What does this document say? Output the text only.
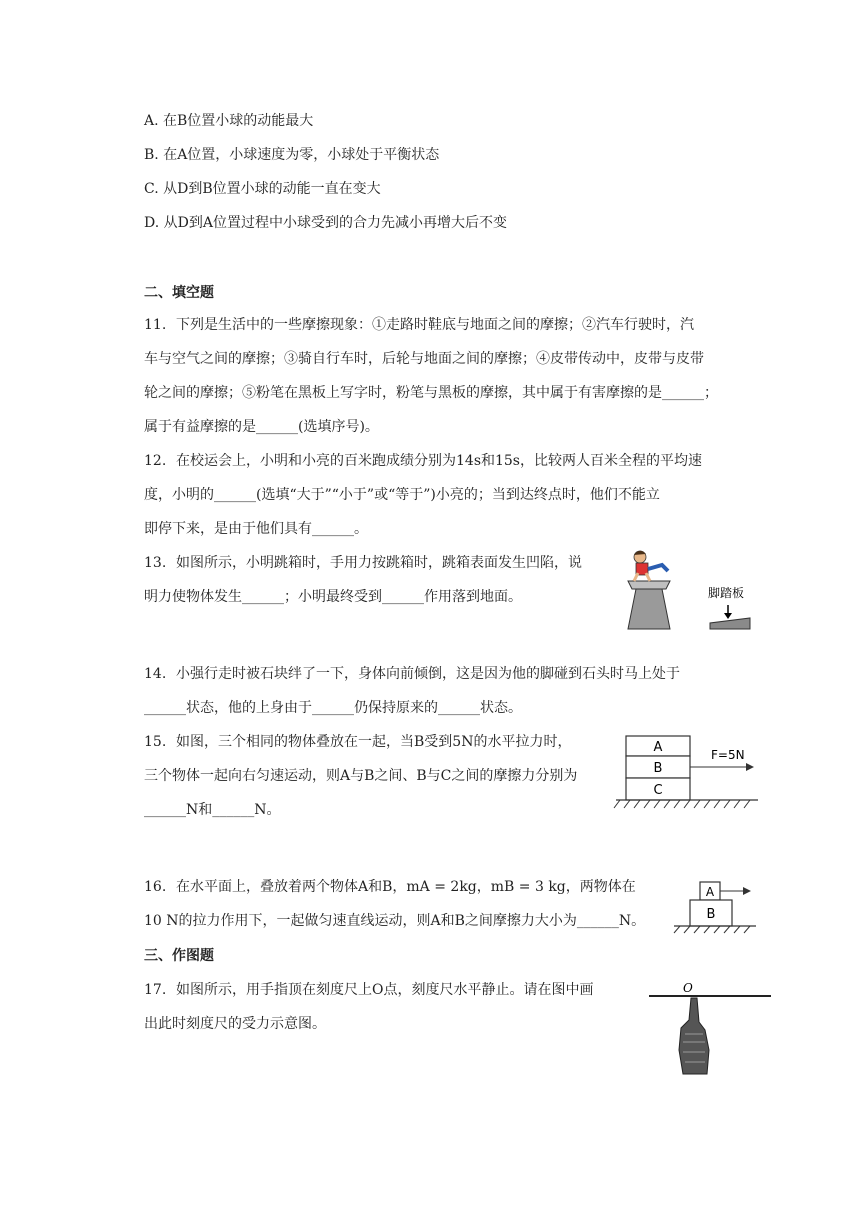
A. 在B位置小球的动能最大
B. 在A位置，小球速度为零，小球处于平衡状态
C. 从D到B位置小球的动能一直在变大
D. 从D到A位置过程中小球受到的合力先减小再增大后不变
二、填空题
11. 下列是生活中的一些摩擦现象：①走路时鞋底与地面之间的摩擦；②汽车行驶时，汽
车与空气之间的摩擦；③骑自行车时，后轮与地面之间的摩擦；④皮带传动中，皮带与皮带
轮之间的摩擦；⑤粉笔在黑板上写字时，粉笔与黑板的摩擦，其中属于有害摩擦的是______；
属于有益摩擦的是______(选填序号)。
12. 在校运会上，小明和小亮的百米跑成绩分别为14s和15s，比较两人百米全程的平均速
度，小明的______(选填“大于”“小于”或“等于”)小亮的；当到达终点时，他们不能立
即停下来，是由于他们具有______。
13. 如图所示，小明跳箱时，手用力按跳箱时，跳箱表面发生凹陷，说
明力使物体发生______；小明最终受到______作用落到地面。	脚踏板
14. 小强行走时被石块绊了一下，身体向前倾倒，这是因为他的脚碰到石头时马上处于
______状态，他的上身由于______仍保持原来的______状态。
15. 如图，三个相同的物体叠放在一起，当B受到5N的水平拉力时，
三个物体一起向右匀速运动，则A与B之间、B与C之间的摩擦力分别为
______N和______N。
A
B
C
F=5N
16. 在水平面上，叠放着两个物体A和B，mA = 2kg，mB = 3 kg，两物体在
10 N的拉力作用下，一起做匀速直线运动，则A和B之间摩擦力大小为______N。
A
B
三、作图题
17. 如图所示，用手指顶在刻度尺上O点，刻度尺水平静止。请在图中画
出此时刻度尺的受力示意图。
O
